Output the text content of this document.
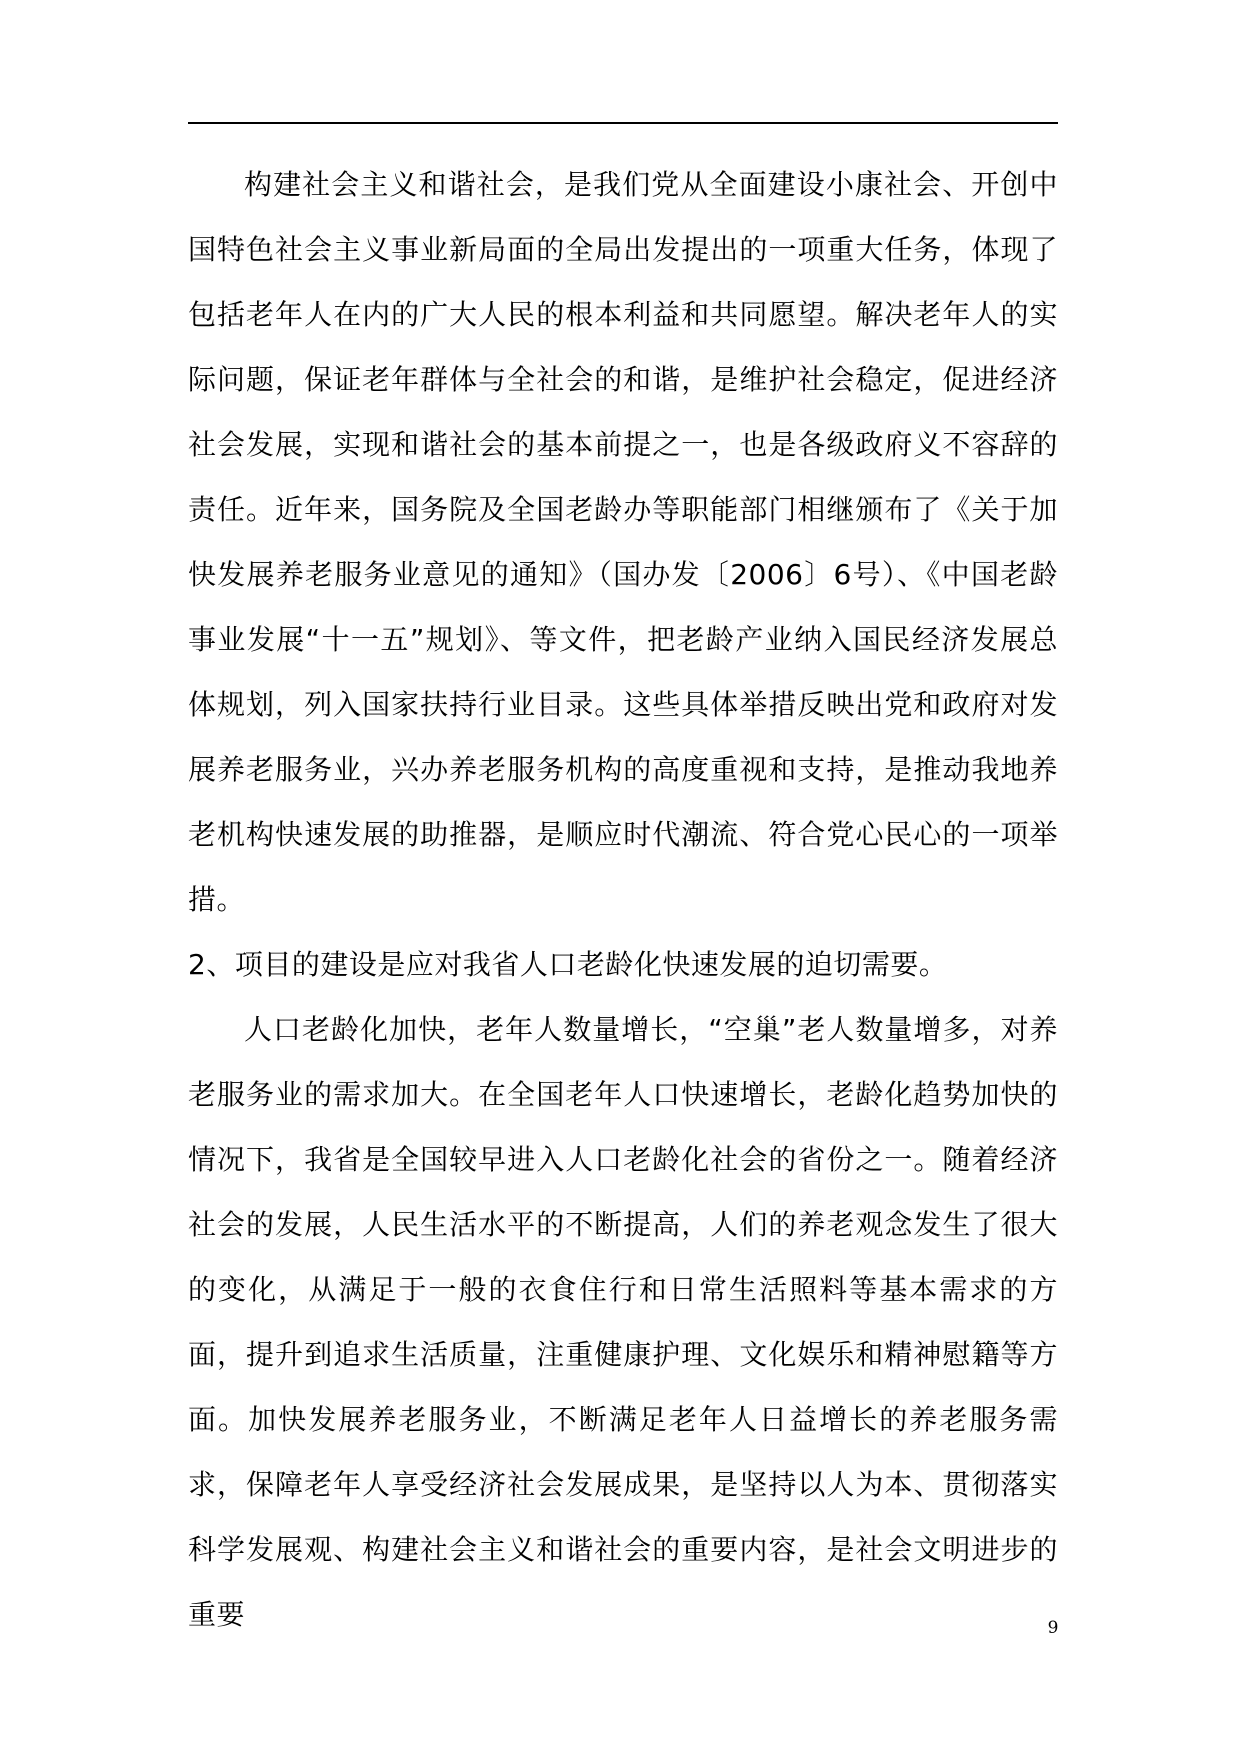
构建社会主义和谐社会，是我们党从全面建设小康社会、开创中国特色社会主义事业新局面的全局出发提出的一项重大任务，体现了包括老年人在内的广大人民的根本利益和共同愿望。解决老年人的实际问题，保证老年群体与全社会的和谐，是维护社会稳定，促进经济社会发展，实现和谐社会的基本前提之一，也是各级政府义不容辞的责任。近年来，国务院及全国老龄办等职能部门相继颁布了《关于加快发展养老服务业意见的通知》（国办发〔2006〕6号）、《中国老龄事业发展“十一五”规划》、等文件，把老龄产业纳入国民经济发展总体规划，列入国家扶持行业目录。这些具体举措反映出党和政府对发展养老服务业，兴办养老服务机构的高度重视和支持，是推动我地养老机构快速发展的助推器，是顺应时代潮流、符合党心民心的一项举措。

2、项目的建设是应对我省人口老龄化快速发展的迫切需要。

人口老龄化加快，老年人数量增长，“空巢”老人数量增多，对养老服务业的需求加大。在全国老年人口快速增长，老龄化趋势加快的情况下，我省是全国较早进入人口老龄化社会的省份之一。随着经济社会的发展，人民生活水平的不断提高，人们的养老观念发生了很大的变化，从满足于一般的衣食住行和日常生活照料等基本需求的方面，提升到追求生活质量，注重健康护理、文化娱乐和精神慰籍等方面。加快发展养老服务业，不断满足老年人日益增长的养老服务需求，保障老年人享受经济社会发展成果，是坚持以人为本、贯彻落实科学发展观、构建社会主义和谐社会的重要内容，是社会文明进步的重要	9
